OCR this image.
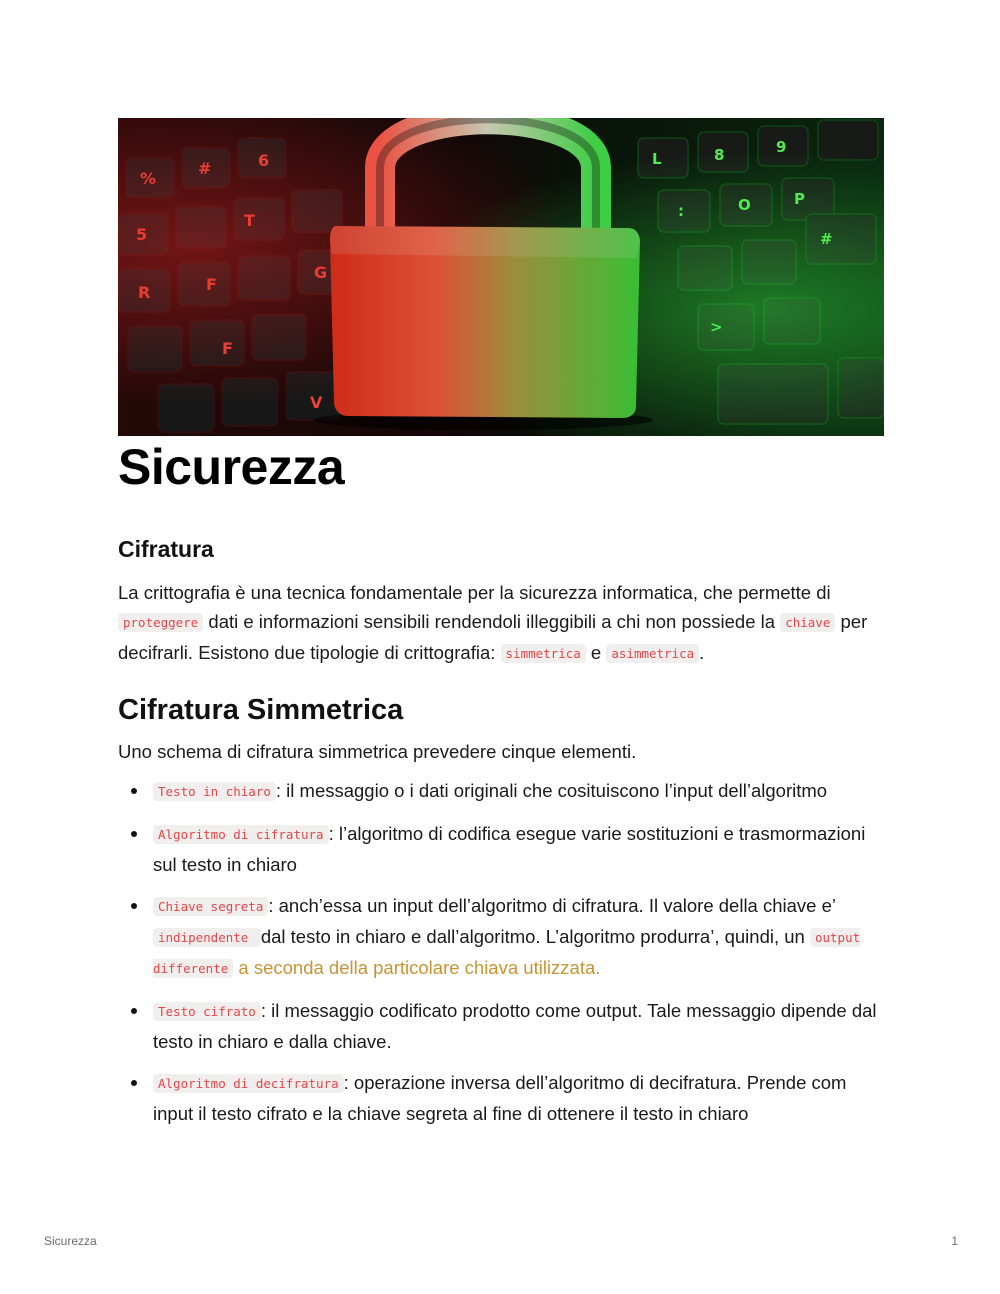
Sicurezza
Cifratura

La crittografia è una tecnica fondamentale per la sicurezza informatica, che permette di proteggere dati e informazioni sensibili rendendoli illeggibili a chi non possiede la chiave per decifrarli. Esistono due tipologie di crittografia: simmetrica e asimmetrica .

Cifratura Simmetrica

Uno schema di cifratura simmetrica prevedere cinque elementi.

Testo in chiaro : il messaggio o i dati originali che cosituiscono l’input dell’algoritmo
Algoritmo di cifratura : l’algoritmo di codifica esegue varie sostituzioni e trasmormazioni sul testo in chiaro
Chiave segreta : anch’essa un input dell’algoritmo di cifratura. Il valore della chiave e’ indipendente dal testo in chiaro e dall’algoritmo. L’algoritmo produrra’, quindi, un output differente a seconda della particolare chiava utilizzata.
Testo cifrato : il messaggio codificato prodotto come output. Tale messaggio dipende dal testo in chiaro e dalla chiave.
Algoritmo di decifratura : operazione inversa dell’algoritmo di decifratura. Prende com input il testo cifrato e la chiave segreta al fine di ottenere il testo in chiaro
Sicurezza	1
